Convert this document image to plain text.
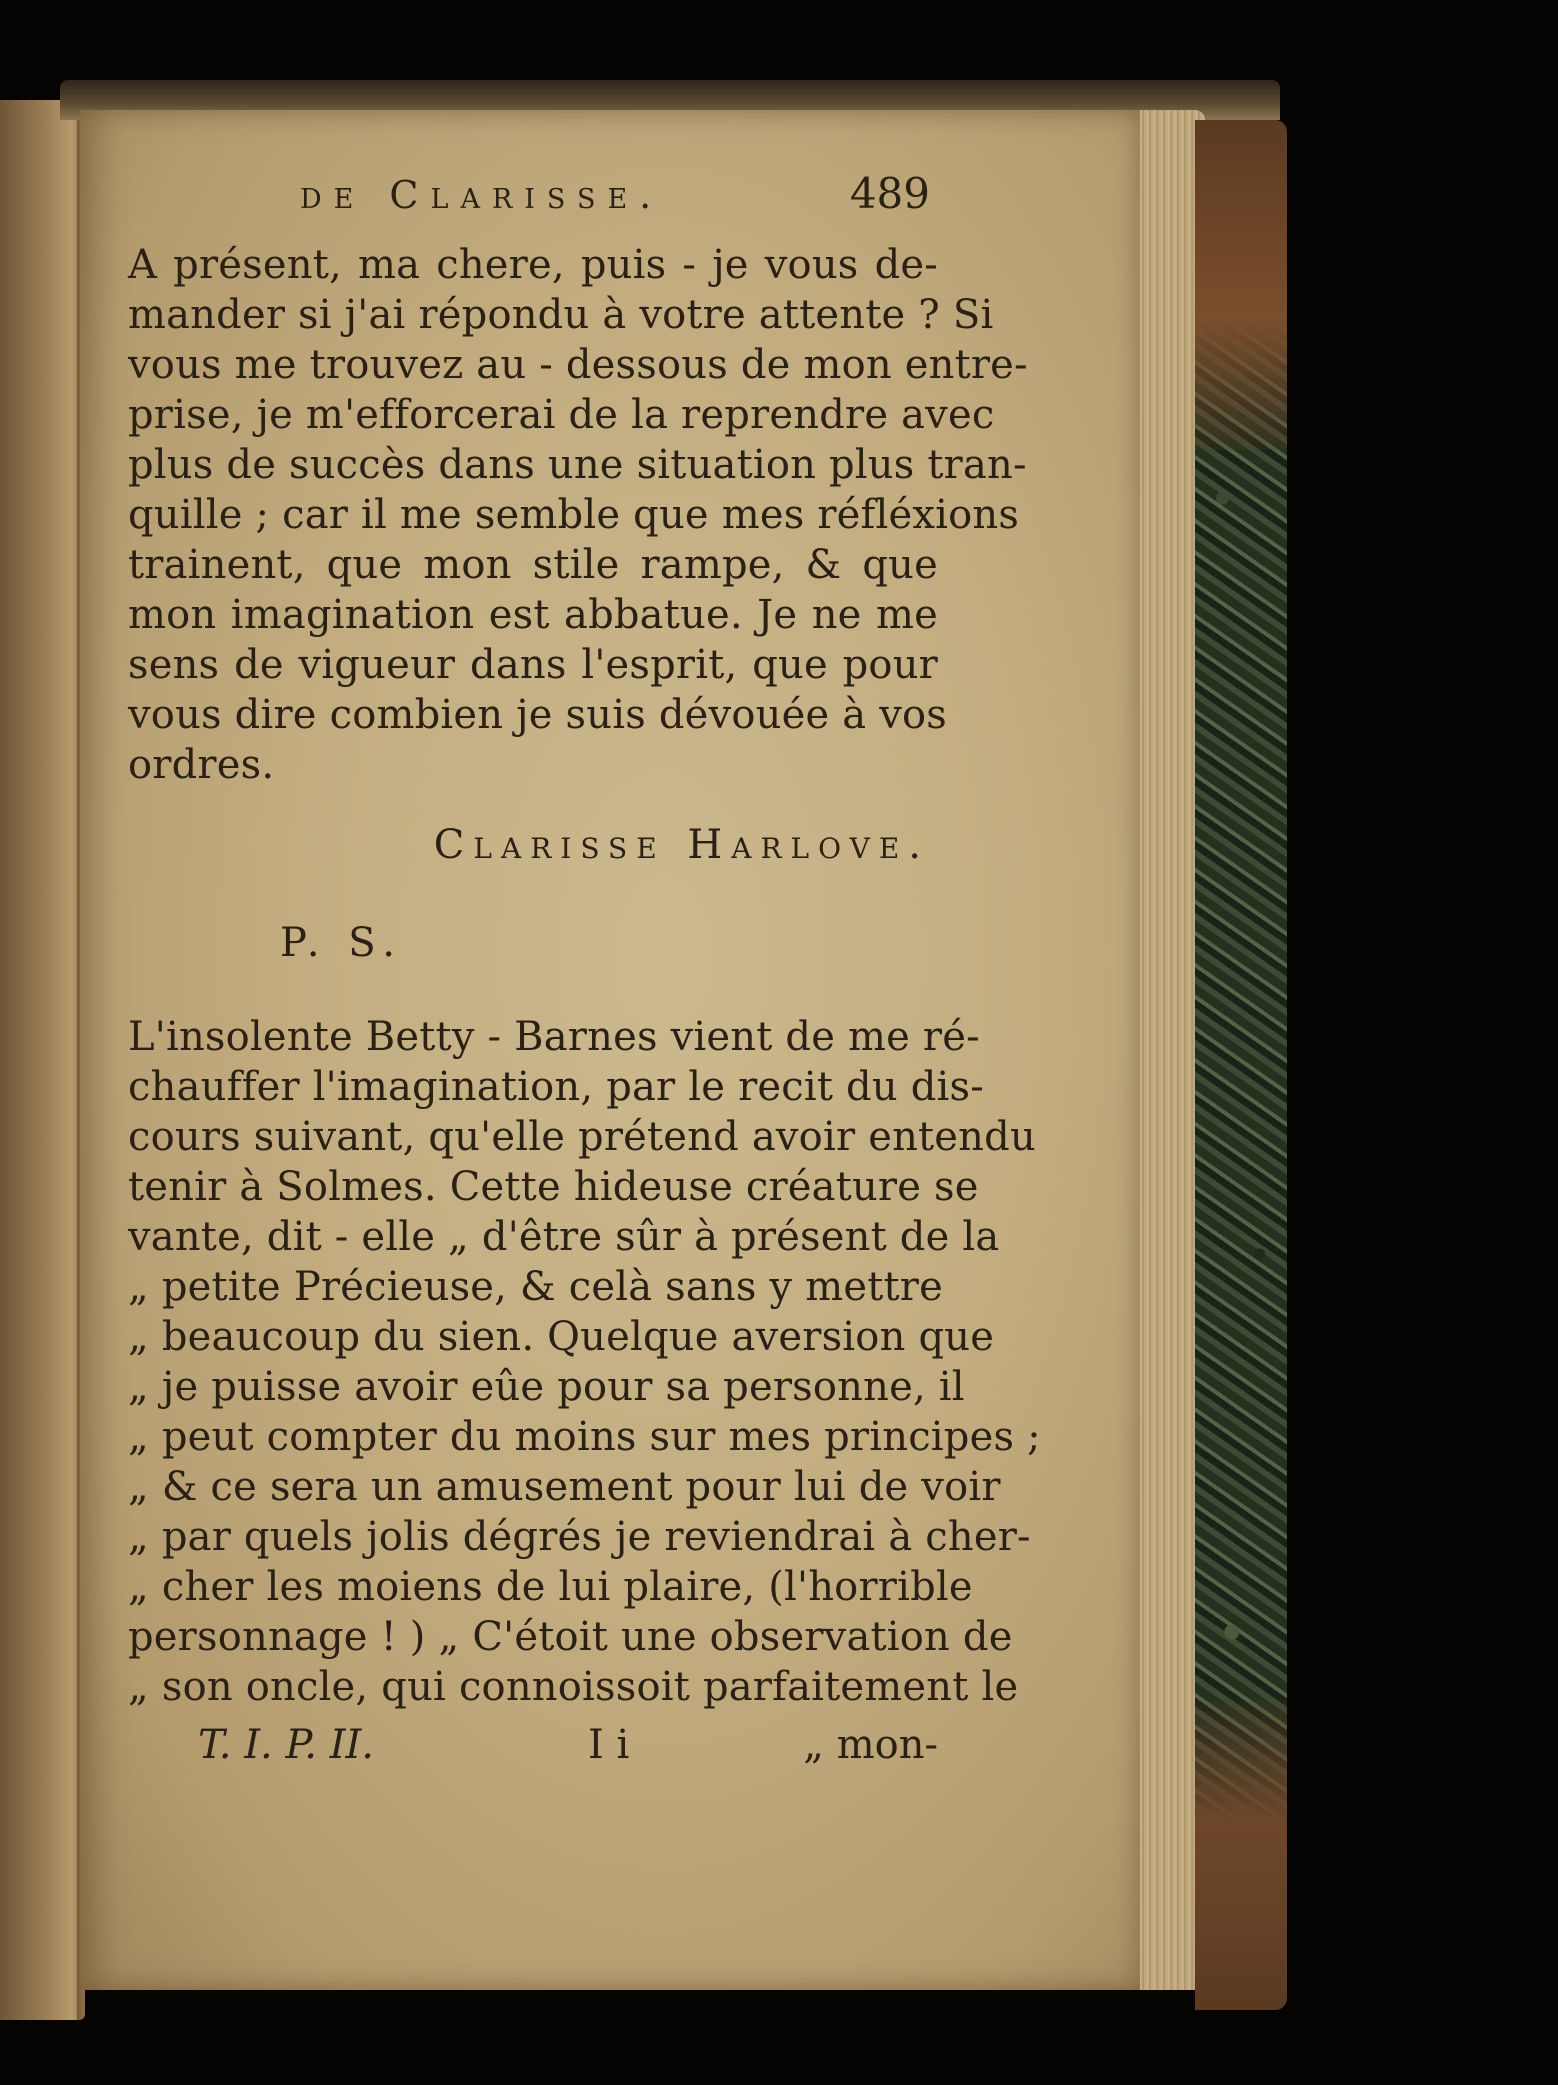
de Clarisse.	489
A présent, ma chere, puis - je vous de-
mander si j'ai répondu à votre attente ? Si
vous me trouvez au - dessous de mon entre-
prise, je m'efforcerai de la reprendre avec
plus de succès dans une situation plus tran-
quille ; car il me semble que mes réfléxions
trainent, que mon stile rampe, & que
mon imagination est abbatue. Je ne me
sens de vigueur dans l'esprit, que pour
vous dire combien je suis dévouée à vos
ordres.
Clarisse Harlove.
P. S.
L'insolente Betty - Barnes vient de me ré-
chauffer l'imagination, par le recit du dis-
cours suivant, qu'elle prétend avoir entendu
tenir à Solmes. Cette hideuse créature se
vante, dit - elle „ d'être sûr à présent de la
„ petite Précieuse, & celà sans y mettre
„ beaucoup du sien. Quelque aversion que
„ je puisse avoir eûe pour sa personne, il
„ peut compter du moins sur mes principes ;
„ & ce sera un amusement pour lui de voir
„ par quels jolis dégrés je reviendrai à cher-
„ cher les moiens de lui plaire, (l'horrible
personnage ! ) „ C'étoit une observation de
„ son oncle, qui connoissoit parfaitement le
T. I. P. II.	I i	„ mon-
